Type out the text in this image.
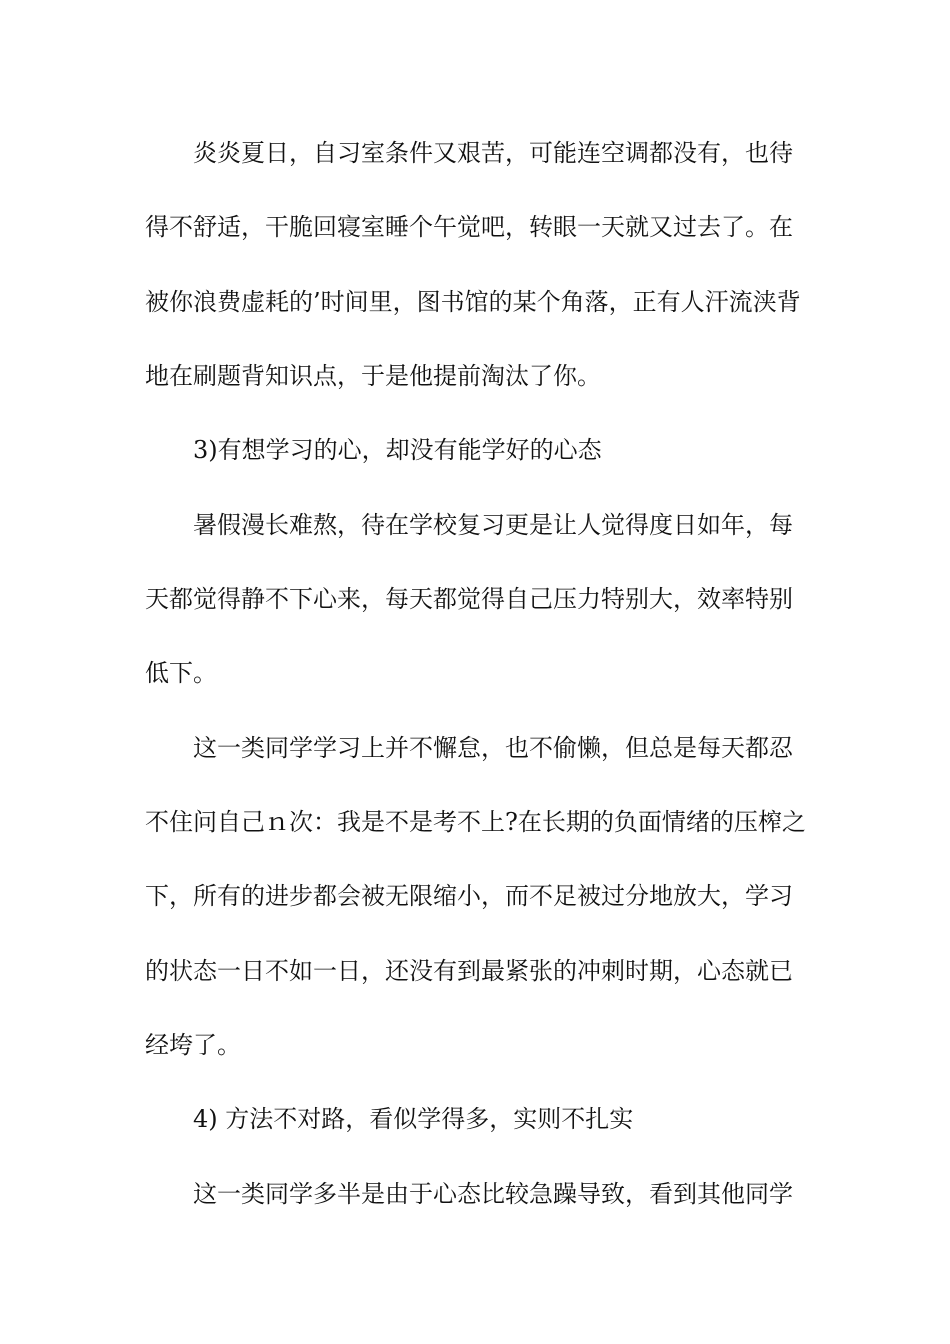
炎炎夏日，自习室条件又艰苦，可能连空调都没有，也待
得不舒适，干脆回寝室睡个午觉吧，转眼一天就又过去了。在
被你浪费虚耗的’时间里，图书馆的某个角落，正有人汗流浃背
地在刷题背知识点，于是他提前淘汰了你。
3)有想学习的心，却没有能学好的心态
暑假漫长难熬，待在学校复习更是让人觉得度日如年，每
天都觉得静不下心来，每天都觉得自己压力特别大，效率特别
低下。
这一类同学学习上并不懈怠，也不偷懒，但总是每天都忍
不住问自己ｎ次：我是不是考不上?在长期的负面情绪的压榨之
下，所有的进步都会被无限缩小，而不足被过分地放大，学习
的状态一日不如一日，还没有到最紧张的冲刺时期，心态就已
经垮了。
4) 方法不对路，看似学得多，实则不扎实
这一类同学多半是由于心态比较急躁导致，看到其他同学
